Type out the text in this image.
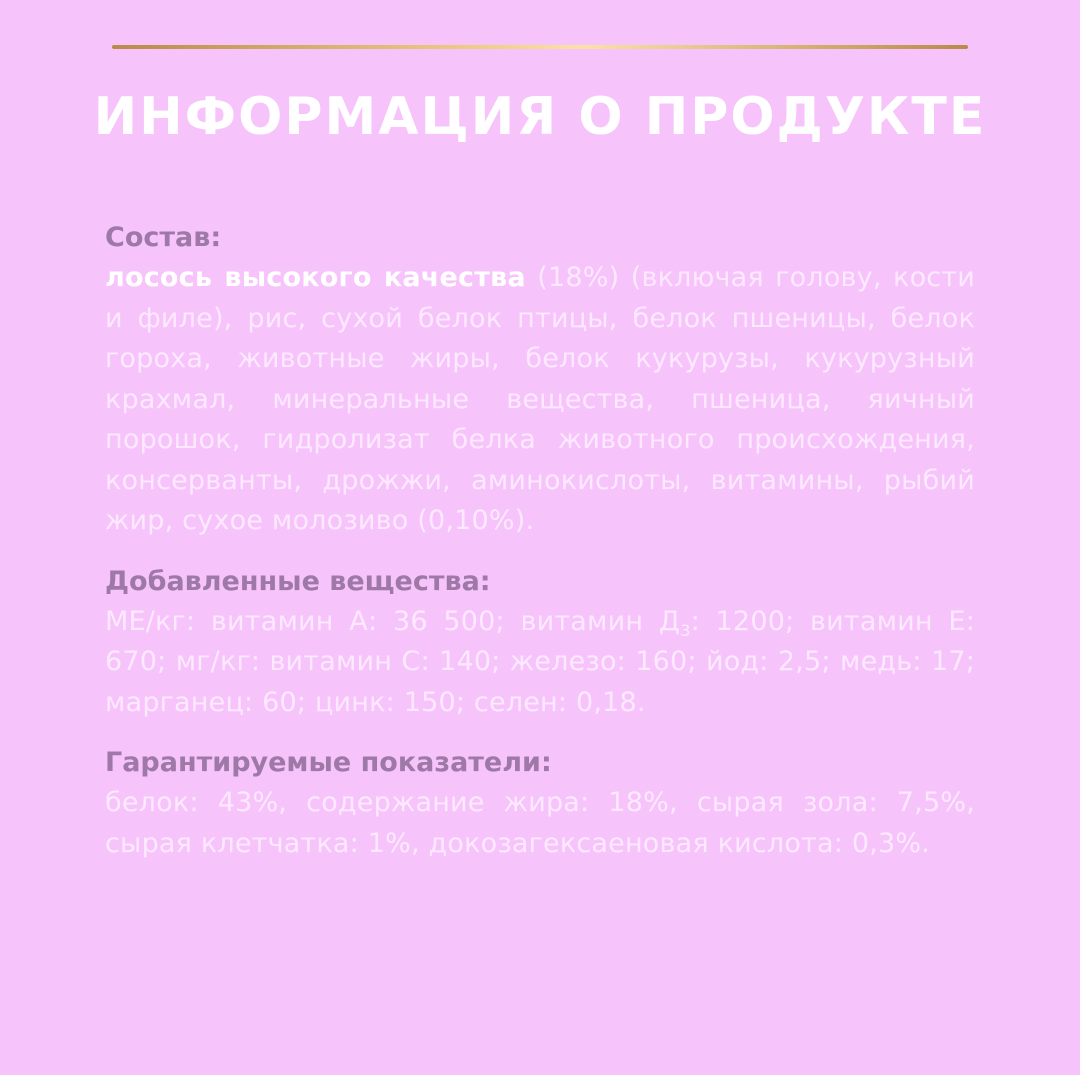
ИНФОРМАЦИЯ О ПРОДУКТЕ
Состав:
лосось высокого качества (18%) (включая голову, кости и филе), рис, сухой белок птицы, белок пшеницы, белок гороха, животные жиры, белок кукурузы, кукурузный крахмал, минеральные вещества, пшеница, яичный порошок, гидролизат белка животного происхождения, консерванты, дрожжи, аминокислоты, витамины, рыбий жир, сухое молозиво (0,10%).
Добавленные вещества:
МЕ/кг: витамин А: 36 500; витамин $Д_3$: 1200; витамин Е: 670; мг/кг: витамин С: 140; железо: 160; йод: 2,5; медь: 17; марганец: 60; цинк: 150; селен: 0,18.
Гарантируемые показатели:
белок: 43%, содержание жира: 18%, сырая зола: 7,5%, сырая клетчатка: 1%, докозагексаеновая кислота: 0,3%.
